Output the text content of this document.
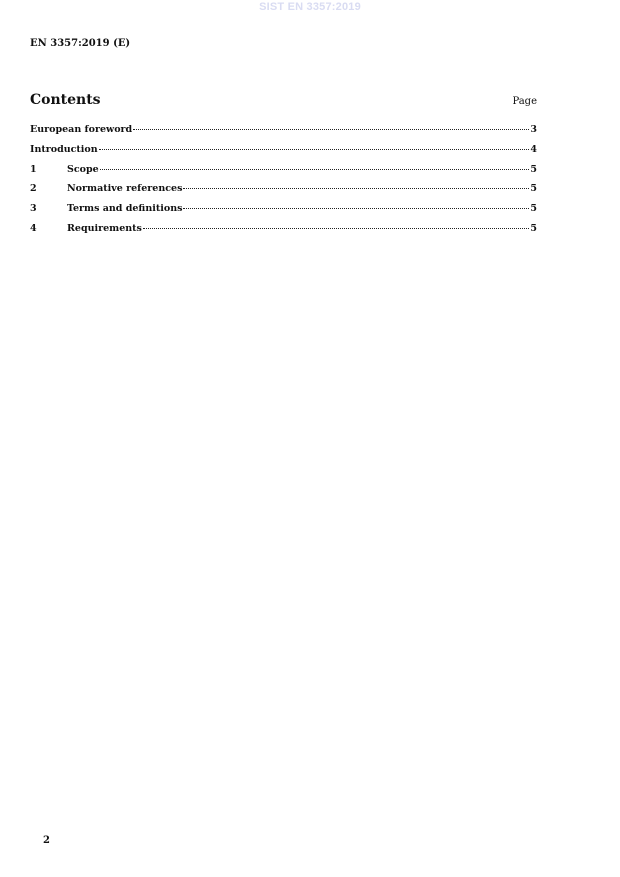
SIST EN 3357:2019
EN 3357:2019 (E)
Contents	Page
European foreword	3
Introduction	4
1	Scope	5
2	Normative references	5
3	Terms and definitions	5
4	Requirements	5
2
